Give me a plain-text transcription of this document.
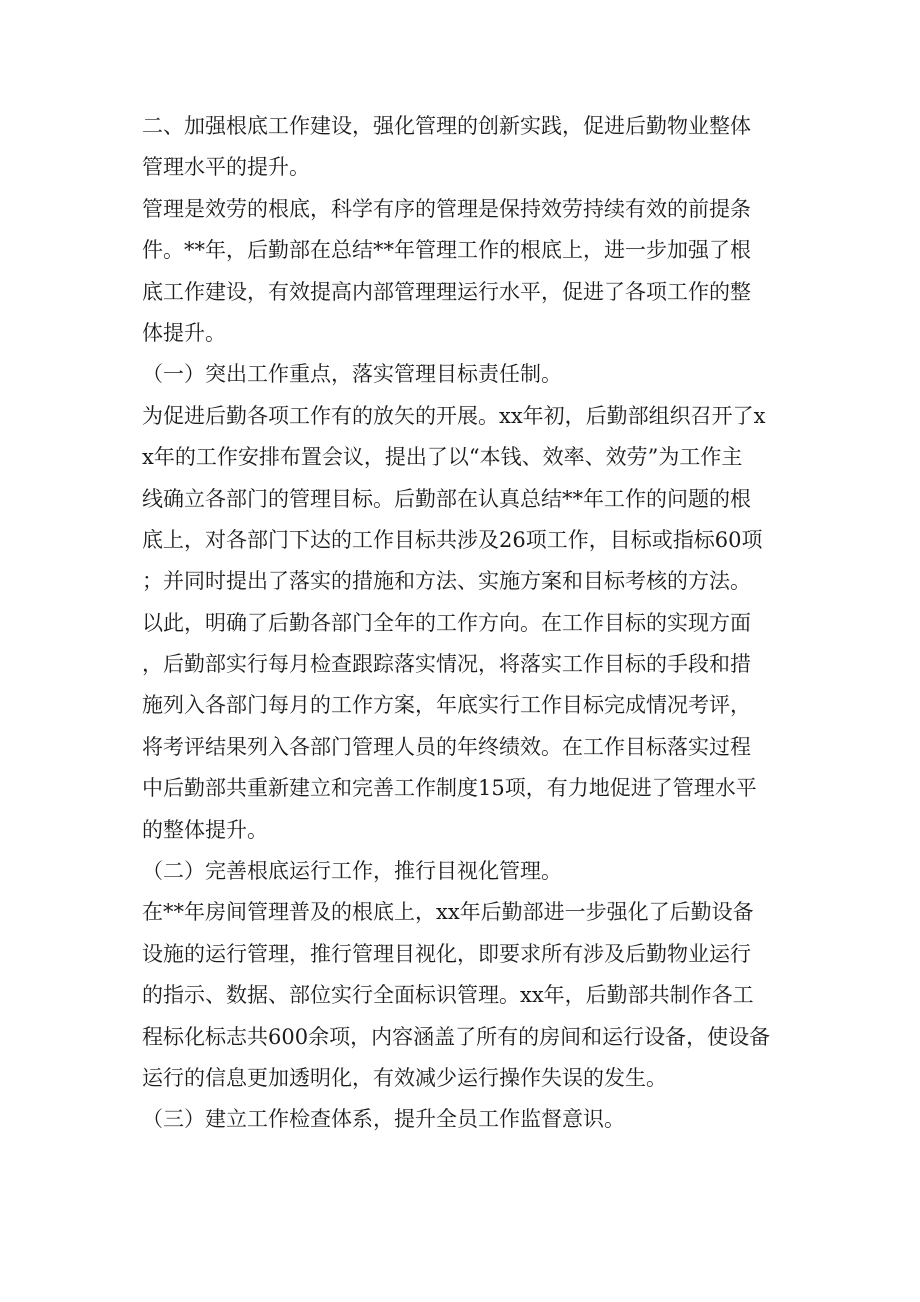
二、加强根底工作建设，强化管理的创新实践，促进后勤物业整体
管理水平的提升。
管理是效劳的根底，科学有序的管理是保持效劳持续有效的前提条
件。**年，后勤部在总结**年管理工作的根底上，进一步加强了根
底工作建设，有效提高内部管理理运行水平，促进了各项工作的整
体提升。
（一）突出工作重点，落实管理目标责任制。
为促进后勤各项工作有的放矢的开展。xx年初，后勤部组织召开了x
x年的工作安排布置会议，提出了以“本钱、效率、效劳”为工作主
线确立各部门的管理目标。后勤部在认真总结**年工作的问题的根
底上，对各部门下达的工作目标共涉及26项工作，目标或指标60项
；并同时提出了落实的措施和方法、实施方案和目标考核的方法。
以此，明确了后勤各部门全年的工作方向。在工作目标的实现方面
，后勤部实行每月检查跟踪落实情况，将落实工作目标的手段和措
施列入各部门每月的工作方案，年底实行工作目标完成情况考评，
将考评结果列入各部门管理人员的年终绩效。在工作目标落实过程
中后勤部共重新建立和完善工作制度15项，有力地促进了管理水平
的整体提升。
（二）完善根底运行工作，推行目视化管理。
在**年房间管理普及的根底上，xx年后勤部进一步强化了后勤设备
设施的运行管理，推行管理目视化，即要求所有涉及后勤物业运行
的指示、数据、部位实行全面标识管理。xx年，后勤部共制作各工
程标化标志共600余项，内容涵盖了所有的房间和运行设备，使设备
运行的信息更加透明化，有效减少运行操作失误的发生。
（三）建立工作检查体系，提升全员工作监督意识。
